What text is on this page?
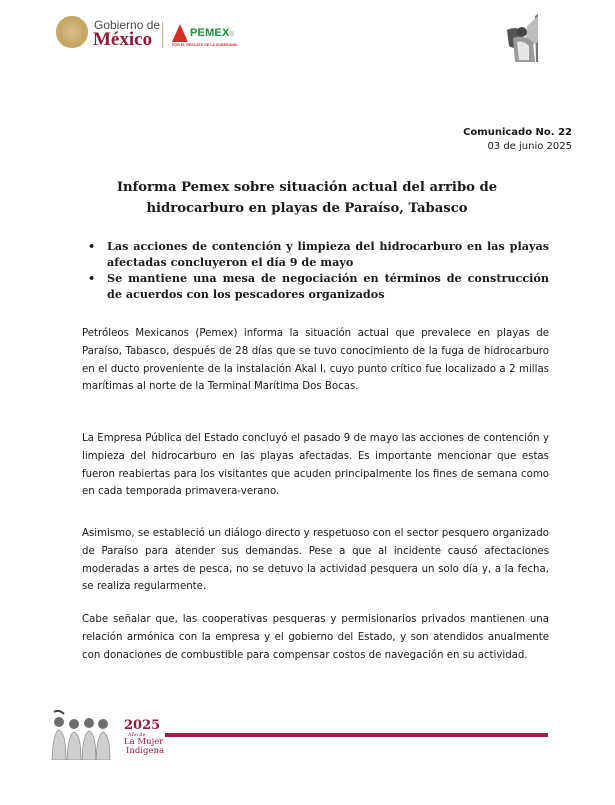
Gobierno de
México	PEMEX®
POR EL RESCATE DE LA SOBERANÍA
Comunicado No. 22
03 de junio 2025
Informa Pemex sobre situación actual del arribo de hidrocarburo en playas de Paraíso, Tabasco
• Las acciones de contención y limpieza del hidrocarburo en las playas afectadas concluyeron el día 9 de mayo
• Se mantiene una mesa de negociación en términos de construcción de acuerdos con los pescadores organizados

Petróleos Mexicanos (Pemex) informa la situación actual que prevalece en playas de Paraíso, Tabasco, después de 28 días que se tuvo conocimiento de la fuga de hidrocarburo en el ducto proveniente de la instalación Akal I, cuyo punto crítico fue localizado a 2 millas marítimas al norte de la Terminal Marítima Dos Bocas.

La Empresa Pública del Estado concluyó el pasado 9 de mayo las acciones de contención y limpieza del hidrocarburo en las playas afectadas. Es importante mencionar que estas fueron reabiertas para los visitantes que acuden principalmente los fines de semana como en cada temporada primavera-verano.

Asimismo, se estableció un diálogo directo y respetuoso con el sector pesquero organizado de Paraíso para atender sus demandas. Pese a que al incidente causó afectaciones moderadas a artes de pesca, no se detuvo la actividad pesquera un solo día y, a la fecha, se realiza regularmente.

Cabe señalar que, las cooperativas pesqueras y permisionarios privados mantienen una relación armónica con la empresa y el gobierno del Estado, y son atendidos anualmente con donaciones de combustible para compensar costos de navegación en su actividad.

2025
Año de
La Mujer
Indígena
